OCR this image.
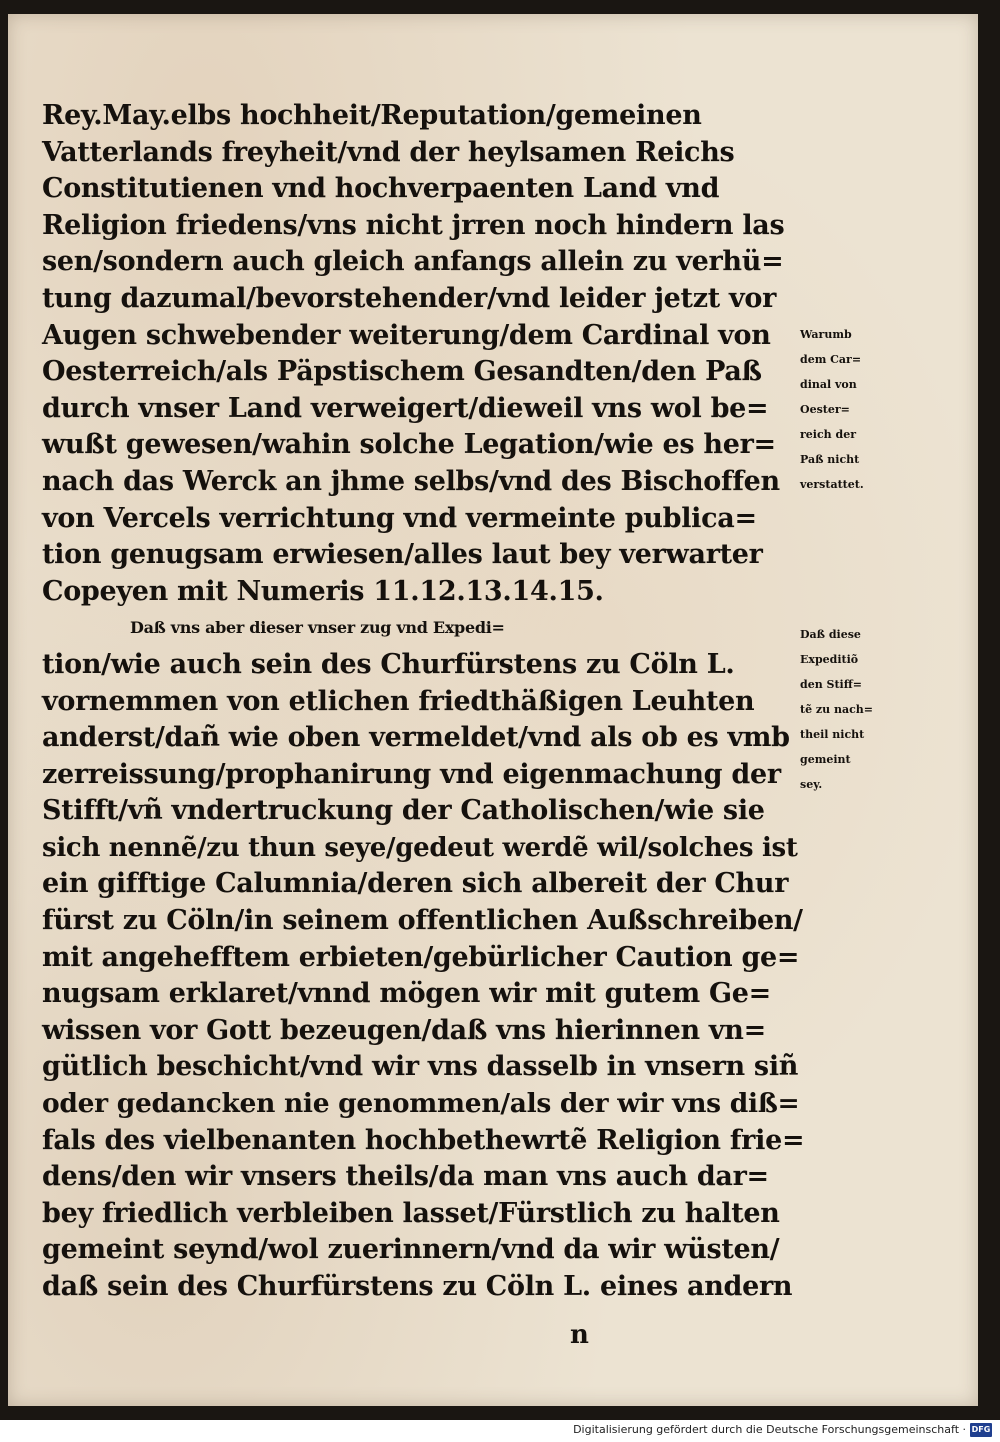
Rey.May.elbs hochheit/Reputation/gemeinen
Vatterlands freyheit/vnd der heylsamen Reichs
Constitutienen vnd hochverpaenten Land vnd
Religion friedens/vns nicht jrren noch hindern las
sen/sondern auch gleich anfangs allein zu verhü=
tung dazumal/bevorstehender/vnd leider jetzt vor
Augen schwebender weiterung/dem Cardinal von
Oesterreich/als Päpstischem Gesandten/den Paß
durch vnser Land verweigert/dieweil vns wol be=
wußt gewesen/wahin solche Legation/wie es her=
nach das Werck an jhme selbs/vnd des Bischoffen
von Vercels verrichtung vnd vermeinte publica=
tion genugsam erwiesen/alles laut bey verwarter
Copeyen mit Numeris 11.12.13.14.15.
Daß vns aber dieser vnser zug vnd Expedi=
tion/wie auch sein des Churfürstens zu Cöln L.
vornemmen von etlichen friedthäßigen Leuhten
anderst/dañ wie oben vermeldet/vnd als ob es vmb
zerreissung/prophanirung vnd eigenmachung der
Stifft/vñ vndertruckung der Catholischen/wie sie
sich nennẽ/zu thun seye/gedeut werdẽ wil/solches ist
ein gifftige Calumnia/deren sich albereit der Chur
fürst zu Cöln/in seinem offentlichen Außschreiben/
mit angehefftem erbieten/gebürlicher Caution ge=
nugsam erklaret/vnnd mögen wir mit gutem Ge=
wissen vor Gott bezeugen/daß vns hierinnen vn=
gütlich beschicht/vnd wir vns dasselb in vnsern siñ
oder gedancken nie genommen/als der wir vns diß=
fals des vielbenanten hochbethewrtẽ Religion frie=
dens/den wir vnsers theils/da man vns auch dar=
bey friedlich verbleiben lasset/Fürstlich zu halten
gemeint seynd/wol zuerinnern/vnd da wir wüsten/
daß sein des Churfürstens zu Cöln L. eines andern
Warumb
dem Car=
dinal von
Oester=
reich der
Paß nicht
verstattet.
Daß diese
Expeditiõ
den Stiff=
tẽ zu nach=
theil nicht
gemeint
sey.
n
Digitalisierung gefördert durch die Deutsche Forschungsgemeinschaft · DFG
